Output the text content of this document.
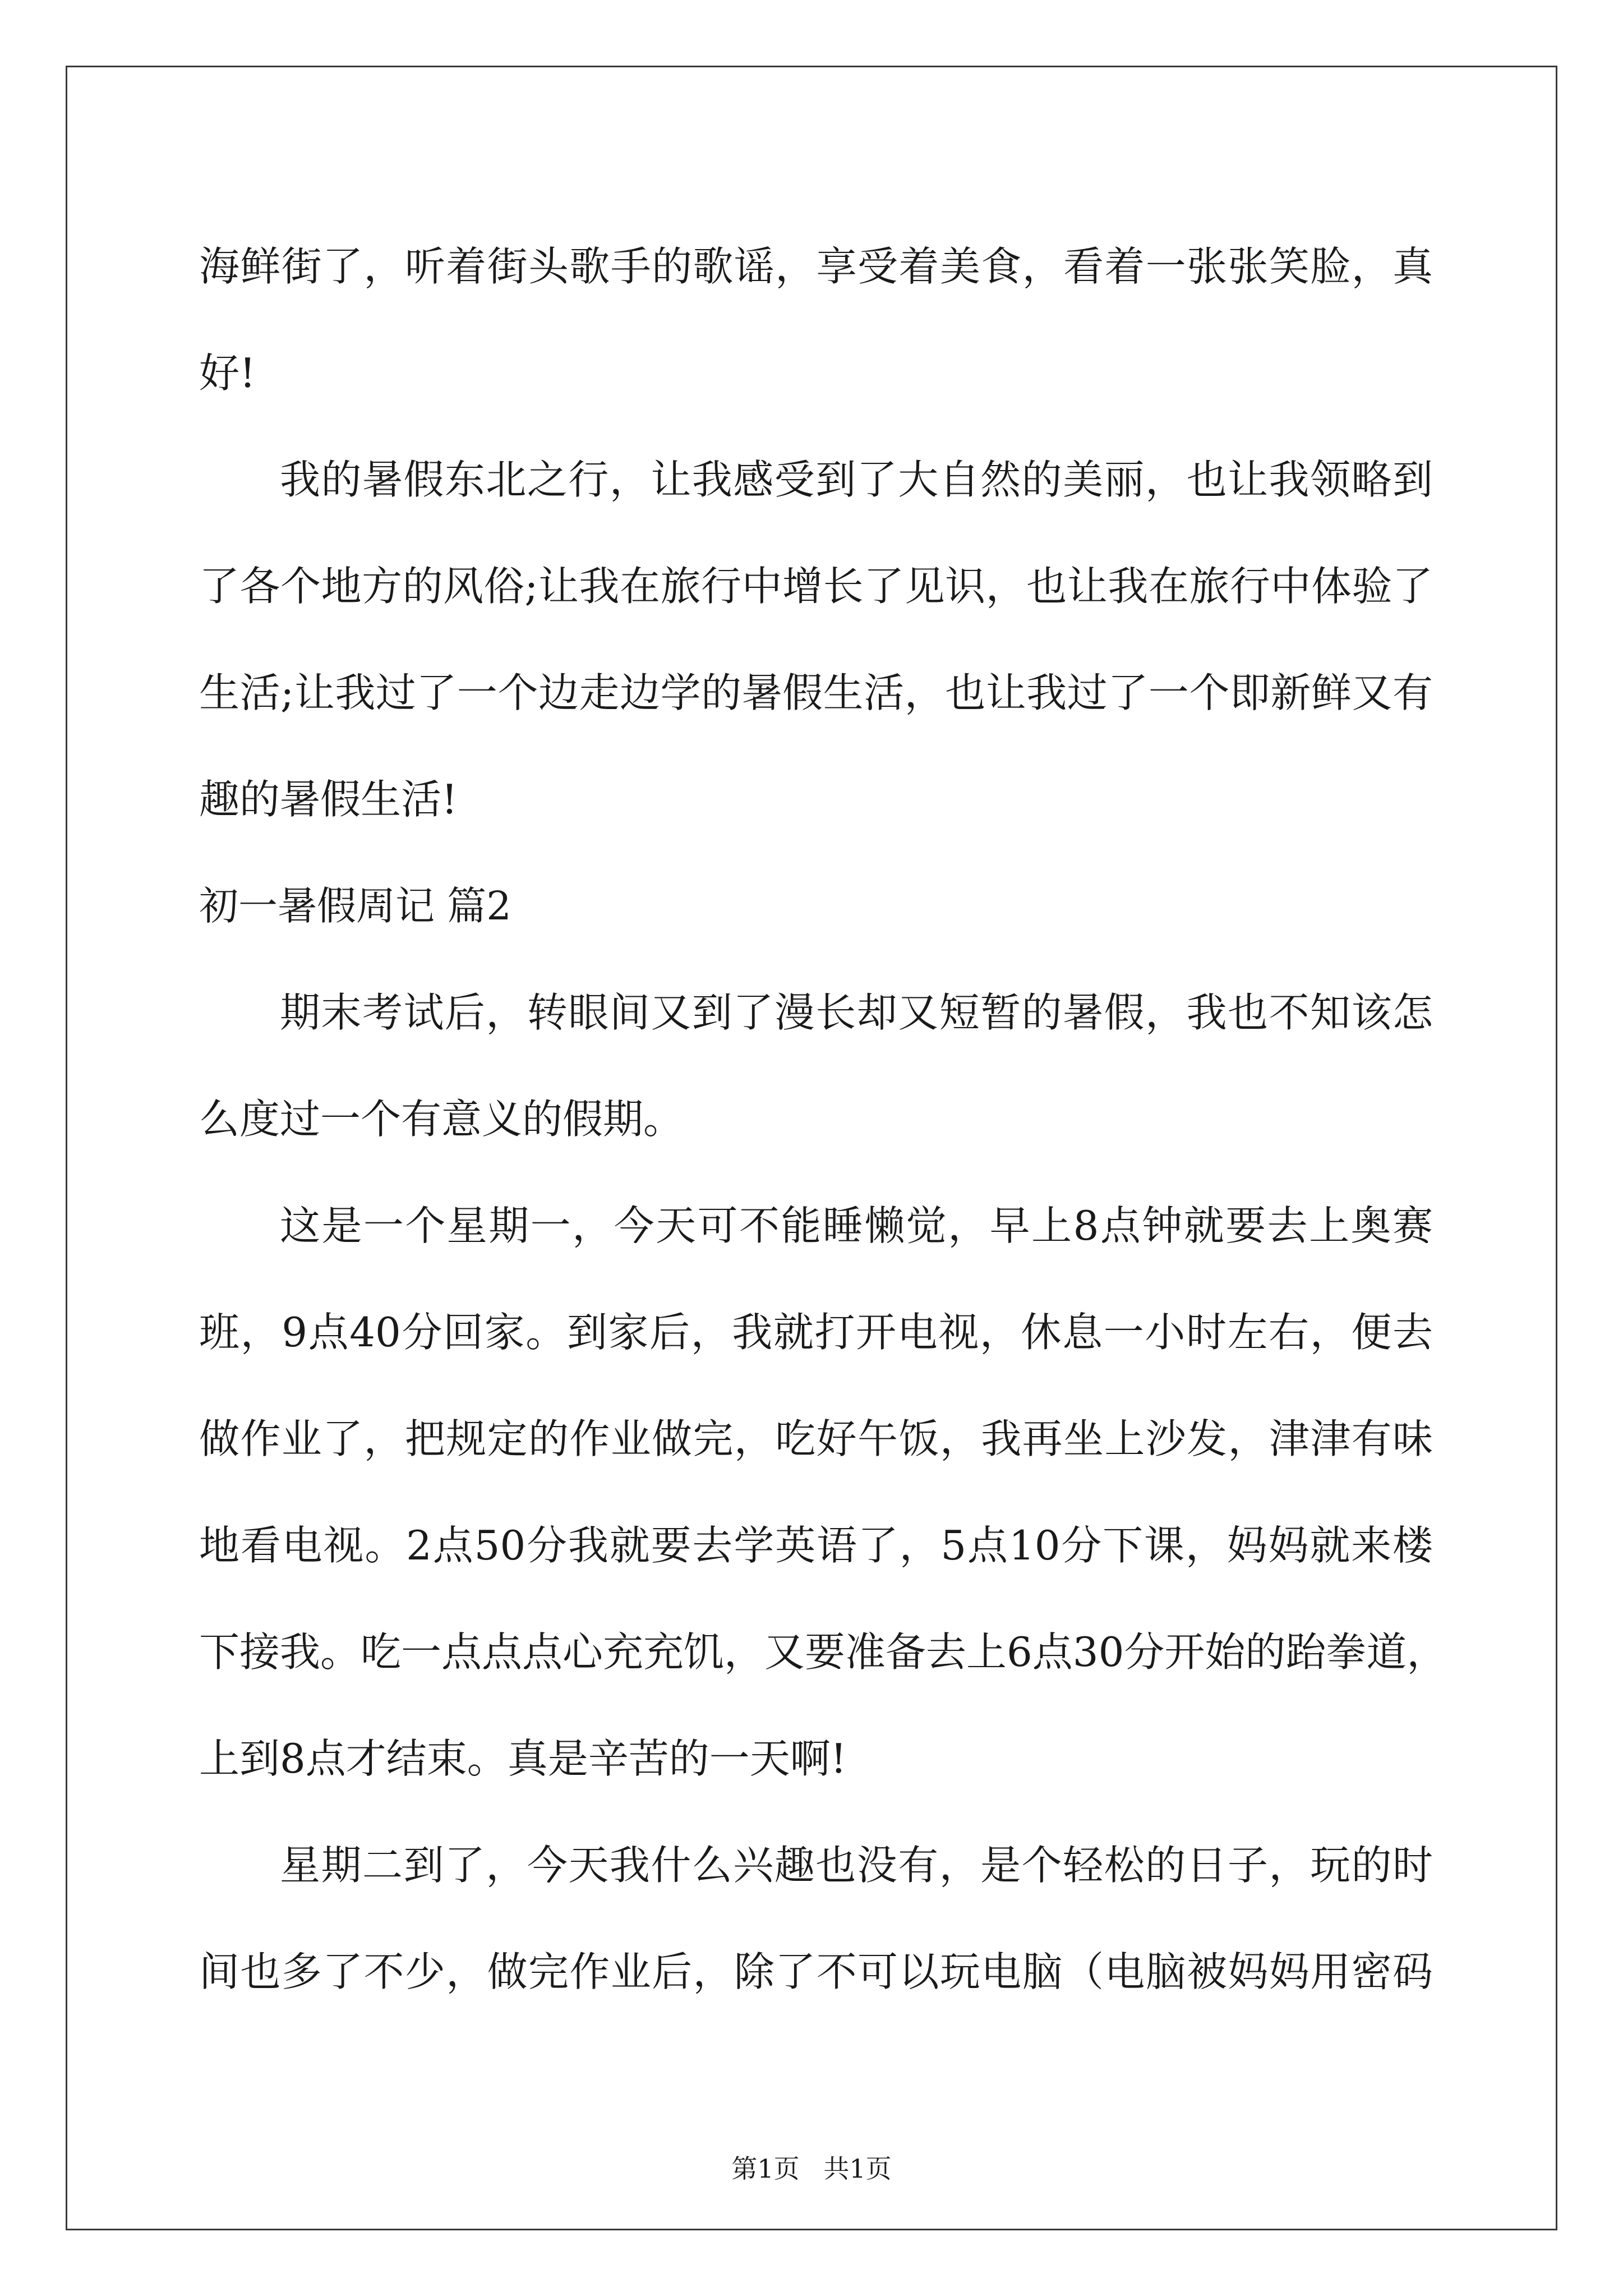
海鲜街了，听着街头歌手的歌谣，享受着美食，看着一张张笑脸，真
好!
我的暑假东北之行，让我感受到了大自然的美丽，也让我领略到
了各个地方的风俗;让我在旅行中增长了见识，也让我在旅行中体验了
生活;让我过了一个边走边学的暑假生活，也让我过了一个即新鲜又有
趣的暑假生活!
初一暑假周记 篇2
期末考试后，转眼间又到了漫长却又短暂的暑假，我也不知该怎
么度过一个有意义的假期。
这是一个星期一，今天可不能睡懒觉，早上8点钟就要去上奥赛
班，9点40分回家。到家后，我就打开电视，休息一小时左右，便去
做作业了，把规定的作业做完，吃好午饭，我再坐上沙发，津津有味
地看电视。2点50分我就要去学英语了，5点10分下课，妈妈就来楼
下接我。吃一点点点心充充饥，又要准备去上6点30分开始的跆拳道，
上到8点才结束。真是辛苦的一天啊!
星期二到了，今天我什么兴趣也没有，是个轻松的日子，玩的时
间也多了不少，做完作业后，除了不可以玩电脑（电脑被妈妈用密码
第1页 共1页
